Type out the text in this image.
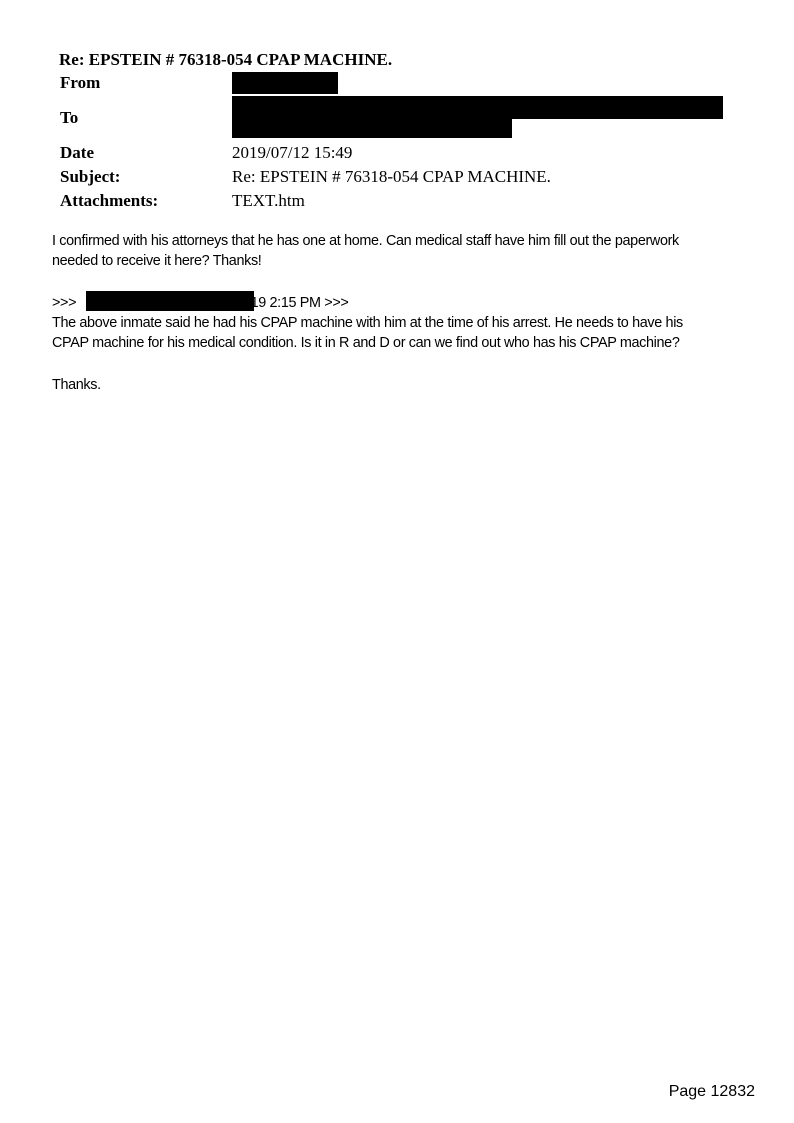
Re: EPSTEIN # 76318-054 CPAP MACHINE.
From
To
Date	2019/07/12 15:49
Subject:	Re: EPSTEIN # 76318-054 CPAP MACHINE.
Attachments:	TEXT.htm
I confirmed with his attorneys that he has one at home. Can medical staff have him fill out the paperwork
needed to receive it here? Thanks!
>>>	7/12/2019 2:15 PM >>>
The above inmate said he had his CPAP machine with him at the time of his arrest. He needs to have his
CPAP machine for his medical condition. Is it in R and D or can we find out who has his CPAP machine?
Thanks.
Page 12832
